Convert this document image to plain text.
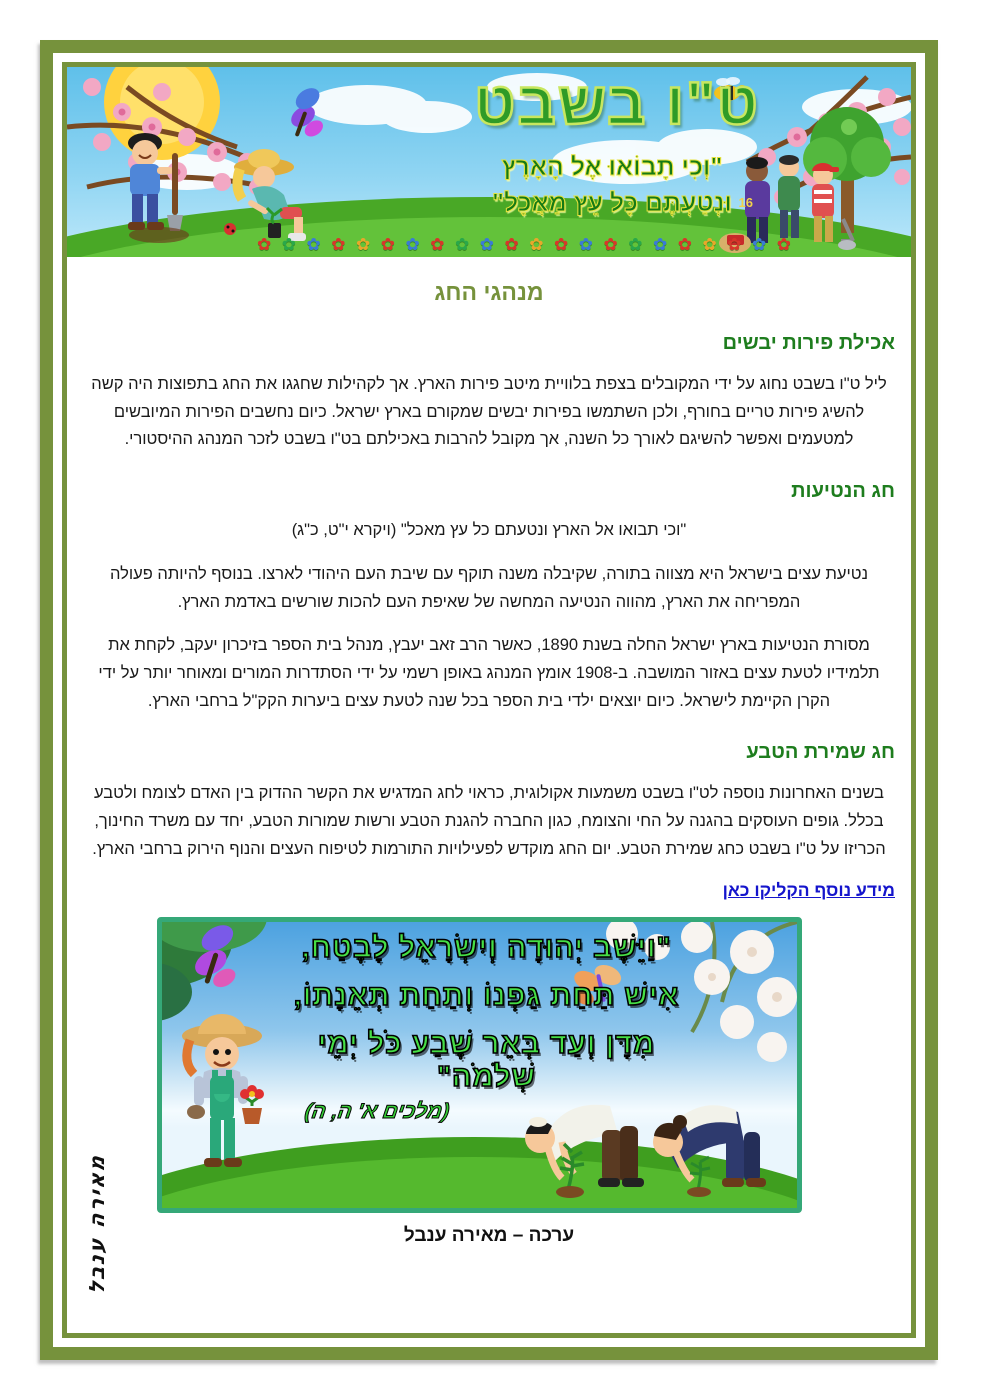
16
ט"ו בשבט
"וְכִי תָבוֹאוּ אֶל הָאָרֶץ
וּנְטַעְתֶּם כָּל עֵץ מַאֲכָל"
✿
✿
✿
✿
✿
✿
✿
✿
✿
✿
✿
✿
✿
✿
✿
✿
✿
✿
✿
✿
✿
✿
מנהגי החג
אכילת פירות יבשים

ליל ט"ו בשבט נחוג על ידי המקובלים בצפת בלוויית מיטב פירות הארץ. אך לקהילות שחגגו את החג בתפוצות היה קשה להשיג פירות טריים בחורף, ולכן השתמשו בפירות יבשים שמקורם בארץ ישראל. כיום נחשבים הפירות המיובשים למטעמים ואפשר להשיגם לאורך כל השנה, אך מקובל להרבות באכילתם בט"ו בשבט לזכר המנהג ההיסטורי.

חג הנטיעות

"וכי תבואו אל הארץ ונטעתם כל עץ מאכל" (ויקרא י"ט, כ"ג)

נטיעת עצים בישראל היא מצווה בתורה, שקיבלה משנה תוקף עם שיבת העם היהודי לארצו. בנוסף להיותה פעולה המפריחה את הארץ, מהווה הנטיעה המחשה של שאיפת העם להכות שורשים באדמת הארץ.

מסורת הנטיעות בארץ ישראל החלה בשנת 1890, כאשר הרב זאב יעבץ, מנהל בית הספר בזיכרון יעקב, לקחת את תלמידיו לטעת עצים באזור המושבה. ב-1908 אומץ המנהג באופן רשמי על ידי הסתדרות המורים ומאוחר יותר על ידי הקרן הקיימת לישראל. כיום יוצאים ילדי בית הספר בכל שנה לטעת עצים ביערות הקק"ל ברחבי הארץ.

חג שמירת הטבע

בשנים האחרונות נוספה לט"ו בשבט משמעות אקולוגית, כראוי לחג המדגיש את הקשר ההדוק בין האדם לצומח ולטבע בכלל. גופים העוסקים בהגנה על החי והצומח, כגון החברה להגנת הטבע ורשות שמורות הטבע, יחד עם משרד החינוך, הכריזו על ט"ו בשבט כחג שמירת הטבע. יום החג מוקדש לפעילויות התורמות לטיפוח העצים והנוף הירוק ברחבי הארץ.

מידע נוסף הקליקו כאן
"וַיֵּשֶׁב יְהוּדָה וְיִשְׂרָאֵל לָבֶטַח,
אִישׁ תַּחַת גַּפְנוֹ וְתַחַת תְּאֵנָתוֹ,
מִדָּן וְעַד בְּאֵר שֶׁבַע כֹּל יְמֵי שְׁלֹמֹה"
(מלכים א' ה, ה)
ערכה – מאירה ענבל
מאירה ענבל
